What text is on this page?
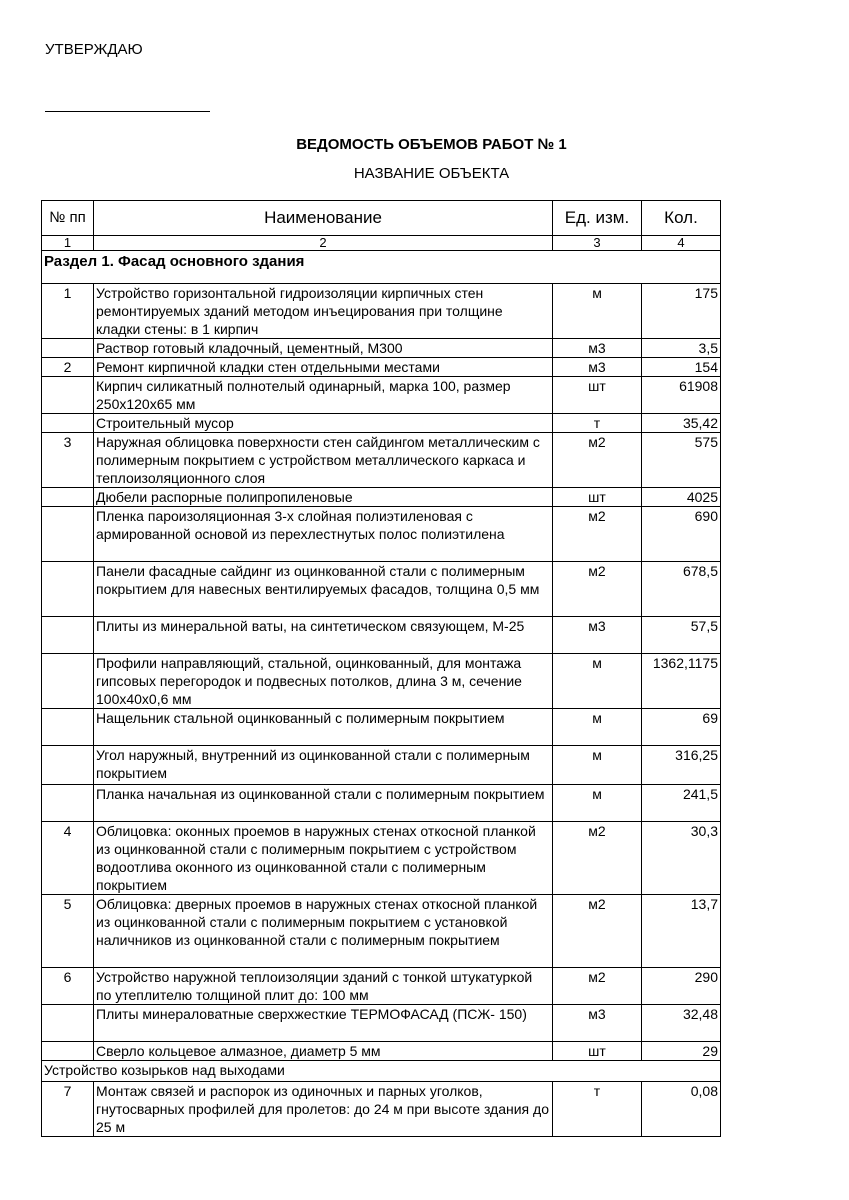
УТВЕРЖДАЮ
ВЕДОМОСТЬ ОБЪЕМОВ РАБОТ № 1
НАЗВАНИЕ ОБЪЕКТА
№ пп	Наименование	Ед. изм.	Кол.
1	2	3	4
Раздел 1. Фасад основного здания			
1	Устройство горизонтальной гидроизоляции кирпичных стен ремонтируемых зданий методом инъецирования при толщине кладки стены: в 1 кирпич	м	175
	Раствор готовый кладочный, цементный, М300	м3	3,5
2	Ремонт кирпичной кладки стен отдельными местами	м3	154
	Кирпич силикатный полнотелый одинарный, марка 100, размер 250х120х65 мм	шт	61908
	Строительный мусор	т	35,42
3	Наружная облицовка поверхности стен сайдингом металлическим с полимерным покрытием с устройством металлического каркаса и теплоизоляционного слоя	м2	575
	Дюбели распорные полипропиленовые	шт	4025
	Пленка пароизоляционная 3-х слойная полиэтиленовая с армированной основой из перехлестнутых полос полиэтилена	м2	690
	Панели фасадные сайдинг из оцинкованной стали с полимерным покрытием для навесных вентилируемых фасадов, толщина 0,5 мм	м2	678,5
	Плиты из минеральной ваты, на синтетическом связующем, М-25	м3	57,5
	Профили направляющий, стальной, оцинкованный, для монтажа гипсовых перегородок и подвесных потолков, длина 3 м, сечение 100х40х0,6 мм	м	1362,1175
	Нащельник стальной оцинкованный с полимерным покрытием	м	69
	Угол наружный, внутренний из оцинкованной стали с полимерным покрытием	м	316,25
	Планка начальная из оцинкованной стали с полимерным покрытием	м	241,5
4	Облицовка: оконных проемов в наружных стенах откосной планкой из оцинкованной стали с полимерным покрытием с устройством водоотлива оконного из оцинкованной стали с полимерным покрытием	м2	30,3
5	Облицовка: дверных проемов в наружных стенах откосной планкой из оцинкованной стали с полимерным покрытием с установкой наличников из оцинкованной стали с полимерным покрытием	м2	13,7
6	Устройство наружной теплоизоляции зданий с тонкой штукатуркой по утеплителю толщиной плит до: 100 мм	м2	290
	Плиты минераловатные сверхжесткие ТЕРМОФАСАД (ПСЖ- 150)	м3	32,48
	Сверло кольцевое алмазное, диаметр 5 мм	шт	29
Устройство козырьков над выходами			
7	Монтаж связей и распорок из одиночных и парных уголков, гнутосварных профилей для пролетов: до 24 м при высоте здания до 25 м	т	0,08
